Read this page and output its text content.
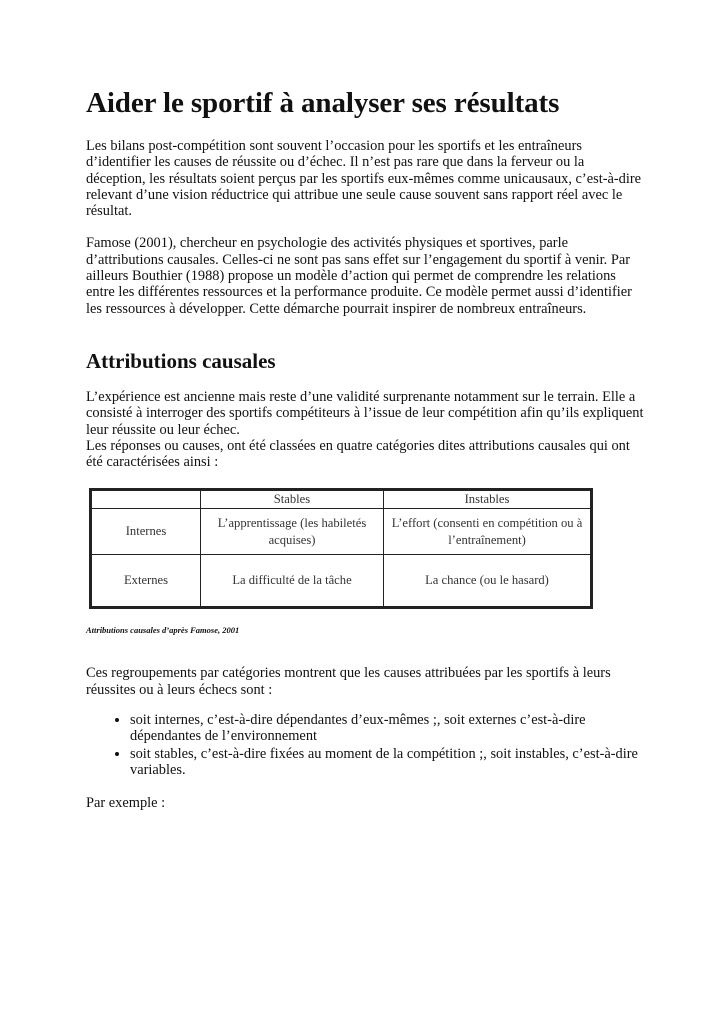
Aider le sportif à analyser ses résultats

Les bilans post-compétition sont souvent l’occasion pour les sportifs et les entraîneurs d’identifier les causes de réussite ou d’échec. Il n’est pas rare que dans la ferveur ou la déception, les résultats soient perçus par les sportifs eux-mêmes comme unicausaux, c’est-à-dire relevant d’une vision réductrice qui attribue une seule cause souvent sans rapport réel avec le résultat.

Famose (2001), chercheur en psychologie des activités physiques et sportives, parle d’attributions causales. Celles-ci ne sont pas sans effet sur l’engagement du sportif à venir. Par ailleurs Bouthier (1988) propose un modèle d’action qui permet de comprendre les relations entre les différentes ressources et la performance produite. Ce modèle permet aussi d’identifier les ressources à développer. Cette démarche pourrait inspirer de nombreux entraîneurs.

Attributions causales

L’expérience est ancienne mais reste d’une validité surprenante notamment sur le terrain. Elle a consisté à interroger des sportifs compétiteurs à l’issue de leur compétition afin qu’ils expliquent leur réussite ou leur échec.

Les réponses ou causes, ont été classées en quatre catégories dites attributions causales qui ont été caractérisées ainsi :

	Stables	Instables
Internes	L’apprentissage (les habiletés acquises)	L’effort (consenti en compétition ou à l’entraînement)
Externes	La difficulté de la tâche	La chance (ou le hasard)

Attributions causales d’après Famose, 2001

Ces regroupements par catégories montrent que les causes attribuées par les sportifs à leurs réussites ou à leurs échecs sont :

• soit internes, c’est-à-dire dépendantes d’eux-mêmes ;, soit externes c’est-à-dire dépendantes de l’environnement
• soit stables, c’est-à-dire fixées au moment de la compétition ;, soit instables, c’est-à-dire variables.

Par exemple :
